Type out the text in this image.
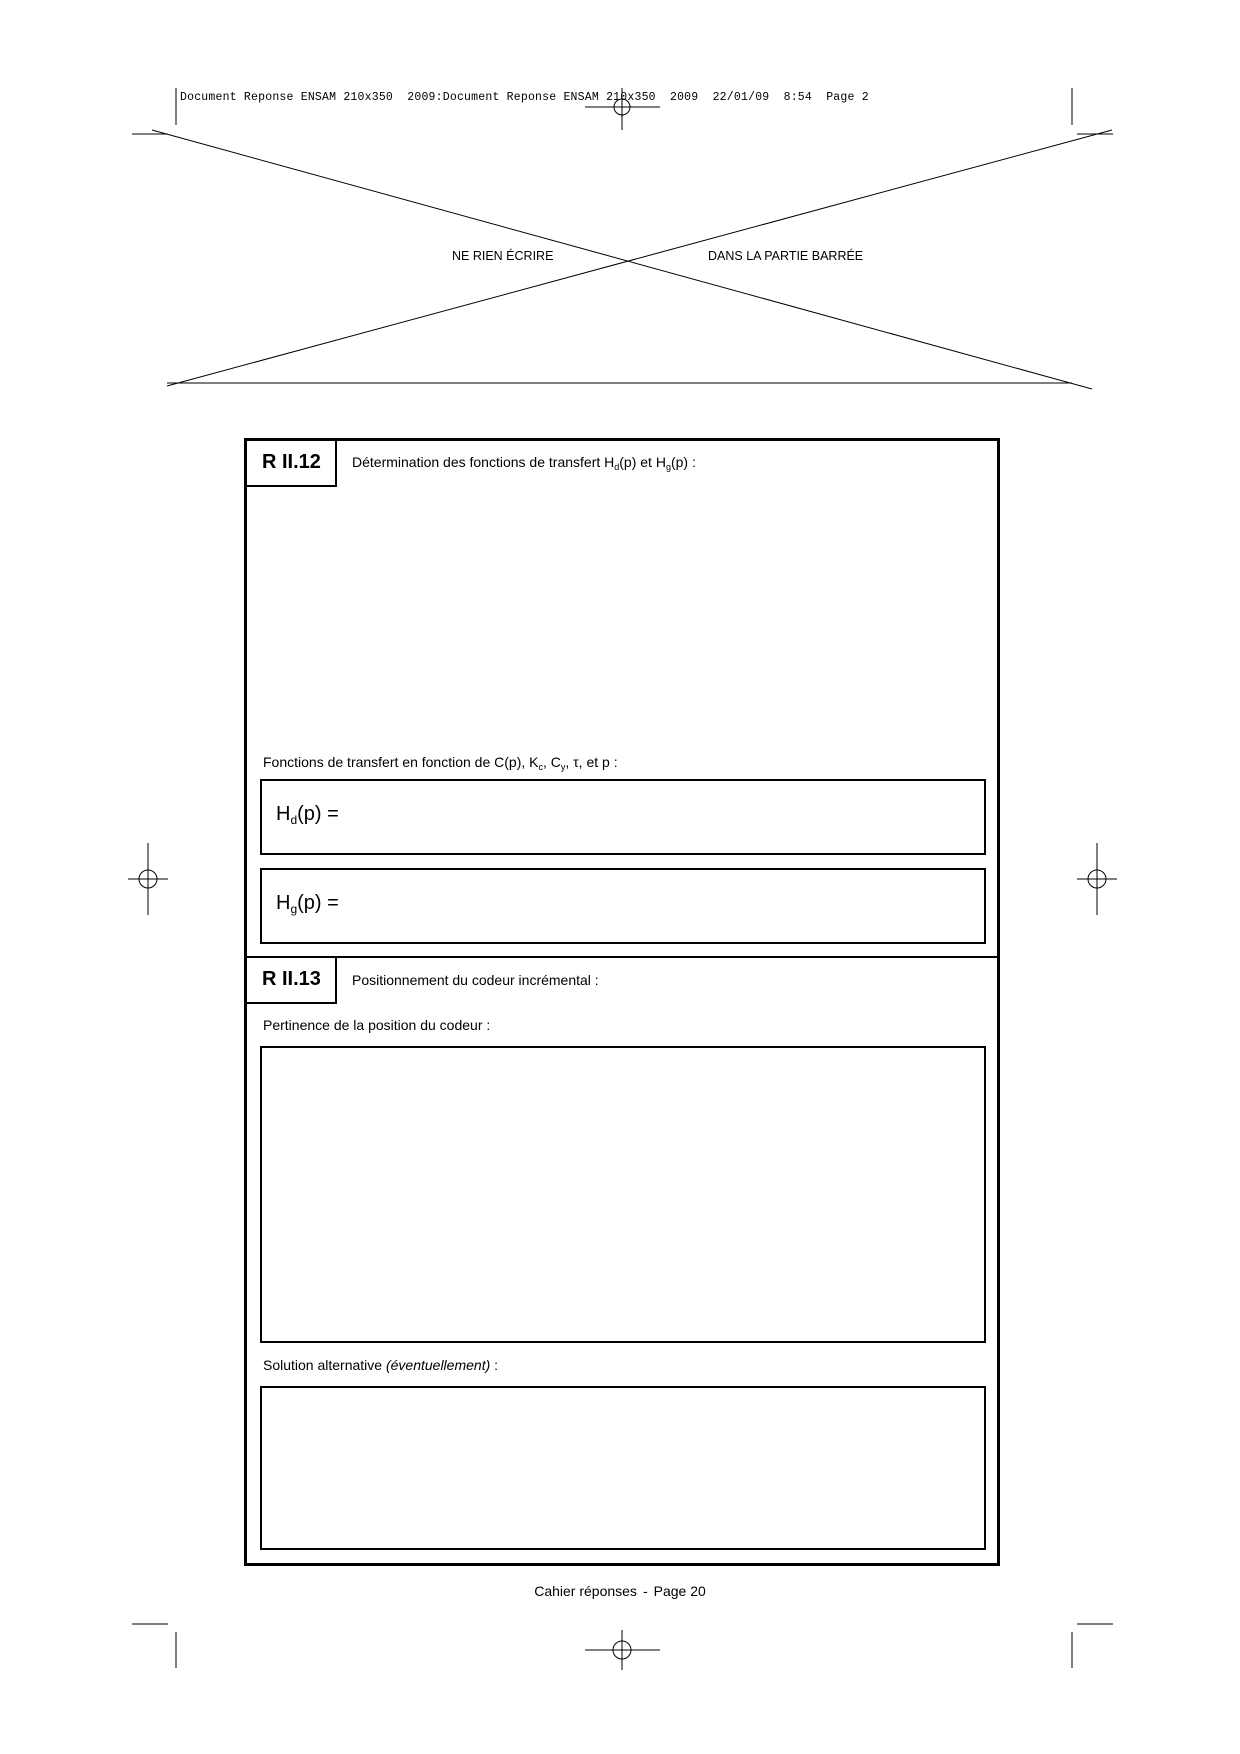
Document Reponse ENSAM 210x350  2009:Document Reponse ENSAM 210x350  2009  22/01/09  8:54  Page 2

NE RIEN ÉCRIRE	DANS LA PARTIE BARRÉE
R II.12	Détermination des fonctions de transfert $H_d(p)$ et $H_g(p)$ :
Fonctions de transfert en fonction de C(p), $K_c$, $C_y$, τ, et p :
$H_d(p)$ =
$H_g(p)$ =
R II.13	Positionnement du codeur incrémental :
Pertinence de la position du codeur :
Solution alternative (éventuellement) :
Cahier réponses - Page 20
